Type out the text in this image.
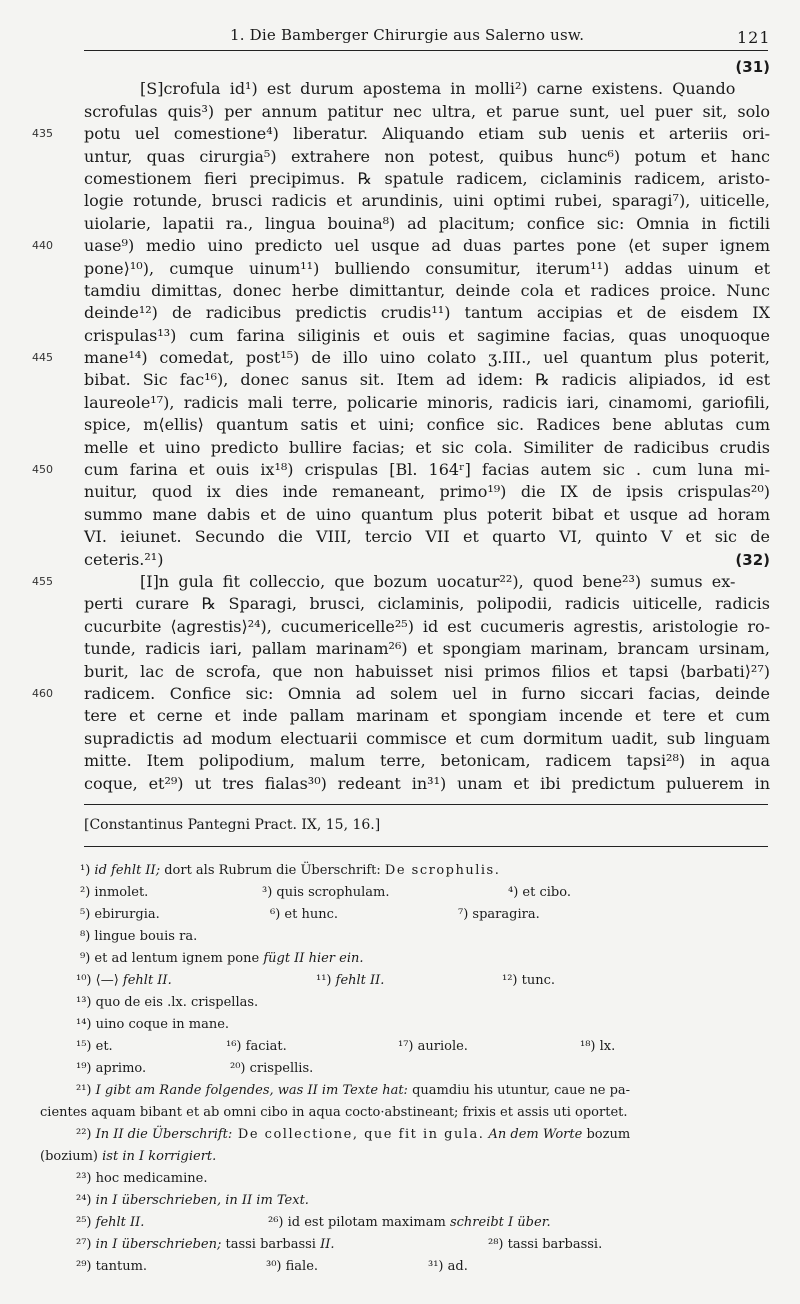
1. Die Bamberger Chirurgie aus Salerno usw.	121
(31)
[S]crofula id¹) est durum apostema in molli²) carne existens. Quando
scrofulas quis³) per annum patitur nec ultra, et parue sunt, uel puer sit, solo
435 potu uel comestione⁴) liberatur. Aliquando etiam sub uenis et arteriis ori-
untur, quas cirurgia⁵) extrahere non potest, quibus hunc⁶) potum et hanc
comestionem fieri precipimus. ℞ spatule radicem, ciclaminis radicem, aristo-
logie rotunde, brusci radicis et arundinis, uini optimi rubei, sparagi⁷), uiticelle,
uiolarie, lapatii ra., lingua bouina⁸) ad placitum; confice sic: Omnia in fictili
440 uase⁹) medio uino predicto uel usque ad duas partes pone ⟨et super ignem
pone⟩¹⁰), cumque uinum¹¹) bulliendo consumitur, iterum¹¹) addas uinum et
tamdiu dimittas, donec herbe dimittantur, deinde cola et radices proice. Nunc
deinde¹²) de radicibus predictis crudis¹¹) tantum accipias et de eisdem IX
crispulas¹³) cum farina siliginis et ouis et sagimine facias, quas unoquoque
445 mane¹⁴) comedat, post¹⁵) de illo uino colato ʒ.III., uel quantum plus poterit,
bibat. Sic fac¹⁶), donec sanus sit. Item ad idem: ℞ radicis alipiados, id est
laureole¹⁷), radicis mali terre, policarie minoris, radicis iari, cinamomi, gariofili,
spice, m⟨ellis⟩ quantum satis et uini; confice sic. Radices bene ablutas cum
melle et uino predicto bullire facias; et sic cola. Similiter de radicibus crudis
450 cum farina et ouis ix¹⁸) crispulas [Bl. 164ʳ] facias autem sic . cum luna mi-
nuitur, quod ix dies inde remaneant, primo¹⁹) die IX de ipsis crispulas²⁰)
summo mane dabis et de uino quantum plus poterit bibat et usque ad horam
VI. ieiunet. Secundo die VIII, tercio VII et quarto VI, quinto V et sic de
ceteris.²¹)	(32)
455	[I]n gula fit colleccio, que bozum uocatur²²), quod bene²³) sumus ex-
perti curare ℞ Sparagi, brusci, ciclaminis, polipodii, radicis uiticelle, radicis
cucurbite ⟨agrestis⟩²⁴), cucumericelle²⁵) id est cucumeris agrestis, aristologie ro-
tunde, radicis iari, pallam marinam²⁶) et spongiam marinam, brancam ursinam,
burit, lac de scrofa, que non habuisset nisi primos filios et tapsi ⟨barbati⟩²⁷)
460 radicem. Confice sic: Omnia ad solem uel in furno siccari facias, deinde
tere et cerne et inde pallam marinam et spongiam incende et tere et cum
supradictis ad modum electuarii commisce et cum dormitum uadit, sub linguam
mitte. Item polipodium, malum terre, betonicam, radicem tapsi²⁸) in aqua
coque, et²⁹) ut tres fialas³⁰) redeant in³¹) unam et ibi predictum puluerem in
[Constantinus Pantegni Pract. IX, 15, 16.]
¹) id fehlt II; dort als Rubrum die Überschrift: De scrophulis.
²) inmolet.	³) quis scrophulam.	⁴) et cibo.
⁵) ebirurgia.	⁶) et hunc.	⁷) sparagira.
⁸) lingue bouis ra.
⁹) et ad lentum ignem pone fügt II hier ein.
¹⁰) ⟨—⟩ fehlt II.	¹¹) fehlt II.	¹²) tunc.
¹³) quo de eis .lx. crispellas.
¹⁴) uino coque in mane.
¹⁵) et.	¹⁶) faciat.	¹⁷) auriole.	¹⁸) lx.
¹⁹) aprimo.	²⁰) crispellis.
²¹) I gibt am Rande folgendes, was II im Texte hat: quamdiu his utuntur, caue ne pa-
cientes aquam bibant et ab omni cibo in aqua cocto·abstineant; frixis et assis uti oportet.
²²) In II die Überschrift: De collectione, que fit in gula. An dem Worte bozum
(bozium) ist in I korrigiert.
²³) hoc medicamine.
²⁴) in I überschrieben, in II im Text.
²⁵) fehlt II.	²⁶) id est pilotam maximam schreibt I über.
²⁷) in I überschrieben; tassi barbassi II.	²⁸) tassi barbassi.
²⁹) tantum.	³⁰) fiale.	³¹) ad.
